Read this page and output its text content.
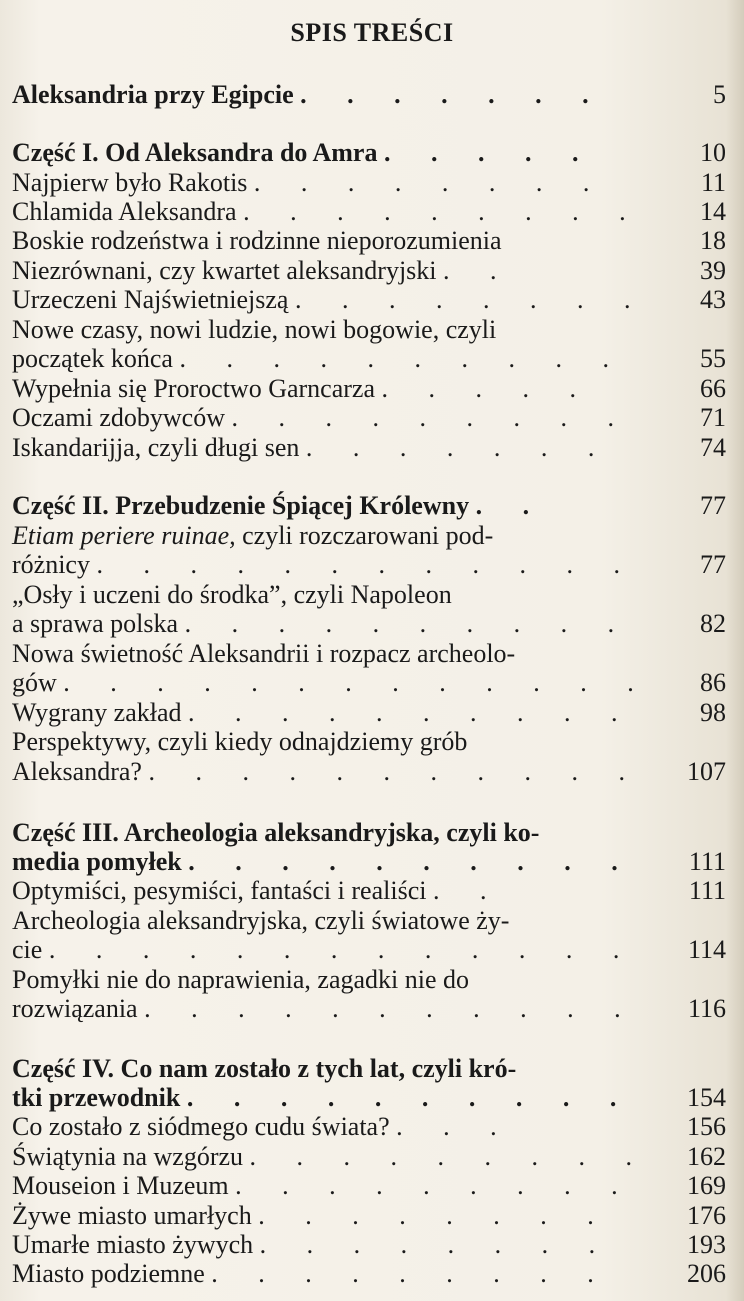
SPIS TREŚCI
Aleksandria przy Egipcie . . . . . . .	5
Część I. Od Aleksandra do Amra . . . . .	10
Najpierw było Rakotis . . . . . . . .	11
Chlamida Aleksandra . . . . . . . . .	14
Boskie rodzeństwa i rodzinne nieporozumienia	18
Niezrównani, czy kwartet aleksandryjski . .	39
Urzeczeni Najświetniejszą . . . . . . . .	43
Nowe czasy, nowi ludzie, nowi bogowie, czyli
początek końca . . . . . . . . . .	55
Wypełnia się Proroctwo Garncarza . . . . .	66
Oczami zdobywców . . . . . . . . .	71
Iskandarijja, czyli długi sen . . . . . . .	74
Część II. Przebudzenie Śpiącej Królewny . .	77
Etiam periere ruinae, czyli rozczarowani pod-
różnicy . . . . . . . . . . . .	77
„Osły i uczeni do środka”, czyli Napoleon
a sprawa polska . . . . . . . . . .	82
Nowa świetność Aleksandrii i rozpacz archeolo-
gów . . . . . . . . . . . . .	86
Wygrany zakład . . . . . . . . . .	98
Perspektywy, czyli kiedy odnajdziemy grób
Aleksandra? . . . . . . . . . . .	107
Część III. Archeologia aleksandryjska, czyli ko-
media pomyłek . . . . . . . . . .	111
Optymiści, pesymiści, fantaści i realiści . .	111
Archeologia aleksandryjska, czyli światowe ży-
cie . . . . . . . . . . . . .	114
Pomyłki nie do naprawienia, zagadki nie do
rozwiązania . . . . . . . . . . .	116
Część IV. Co nam zostało z tych lat, czyli kró-
tki przewodnik . . . . . . . . . .	154
Co zostało z siódmego cudu świata? . . .	156
Świątynia na wzgórzu . . . . . . . . .	162
Mouseion i Muzeum . . . . . . . . .	169
Żywe miasto umarłych . . . . . . . .	176
Umarłe miasto żywych . . . . . . . .	193
Miasto podziemne . . . . . . . . .	206
